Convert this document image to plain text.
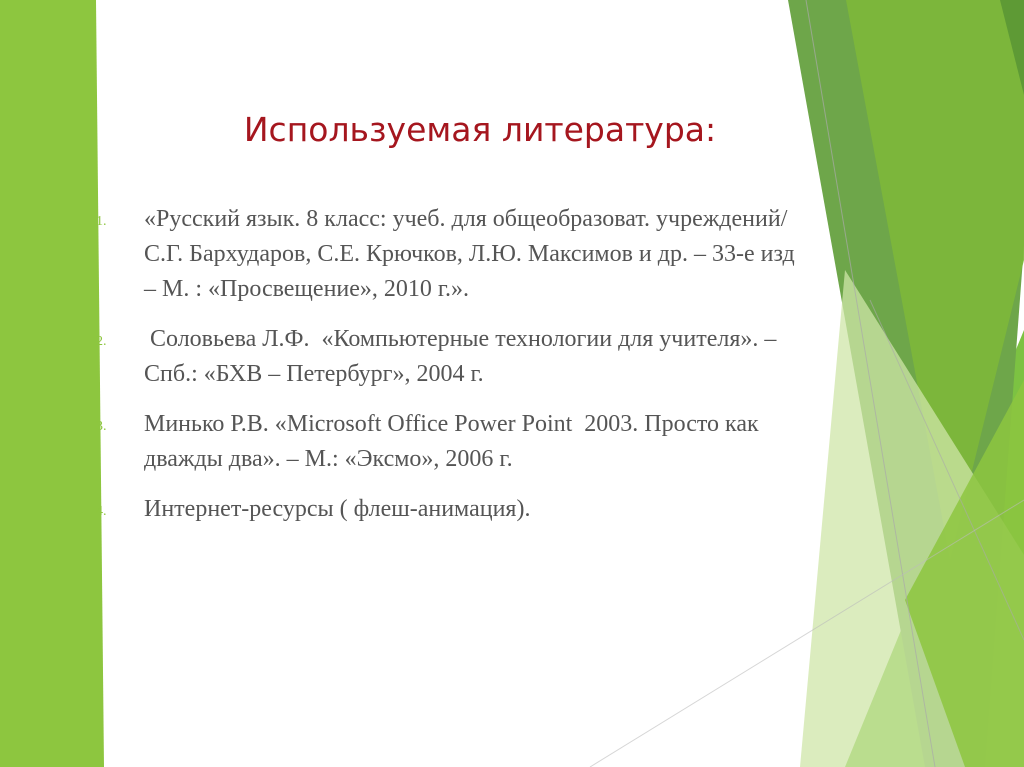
Используемая литература:
1. «Русский язык. 8 класс: учеб. для общеобразоват. учреждений/
С.Г. Бархударов, С.Е. Крючков, Л.Ю. Максимов и др. – 33-е изд
– М. : «Просвещение», 2010 г.».
2. Соловьева Л.Ф.  «Компьютерные технологии для учителя». –
Спб.: «БХВ – Петербург», 2004 г.
3. Минько Р.В. «Microsoft Office Power Point  2003. Просто как
дважды два». – М.: «Эксмо», 2006 г.
4. Интернет-ресурсы ( флеш-анимация).
